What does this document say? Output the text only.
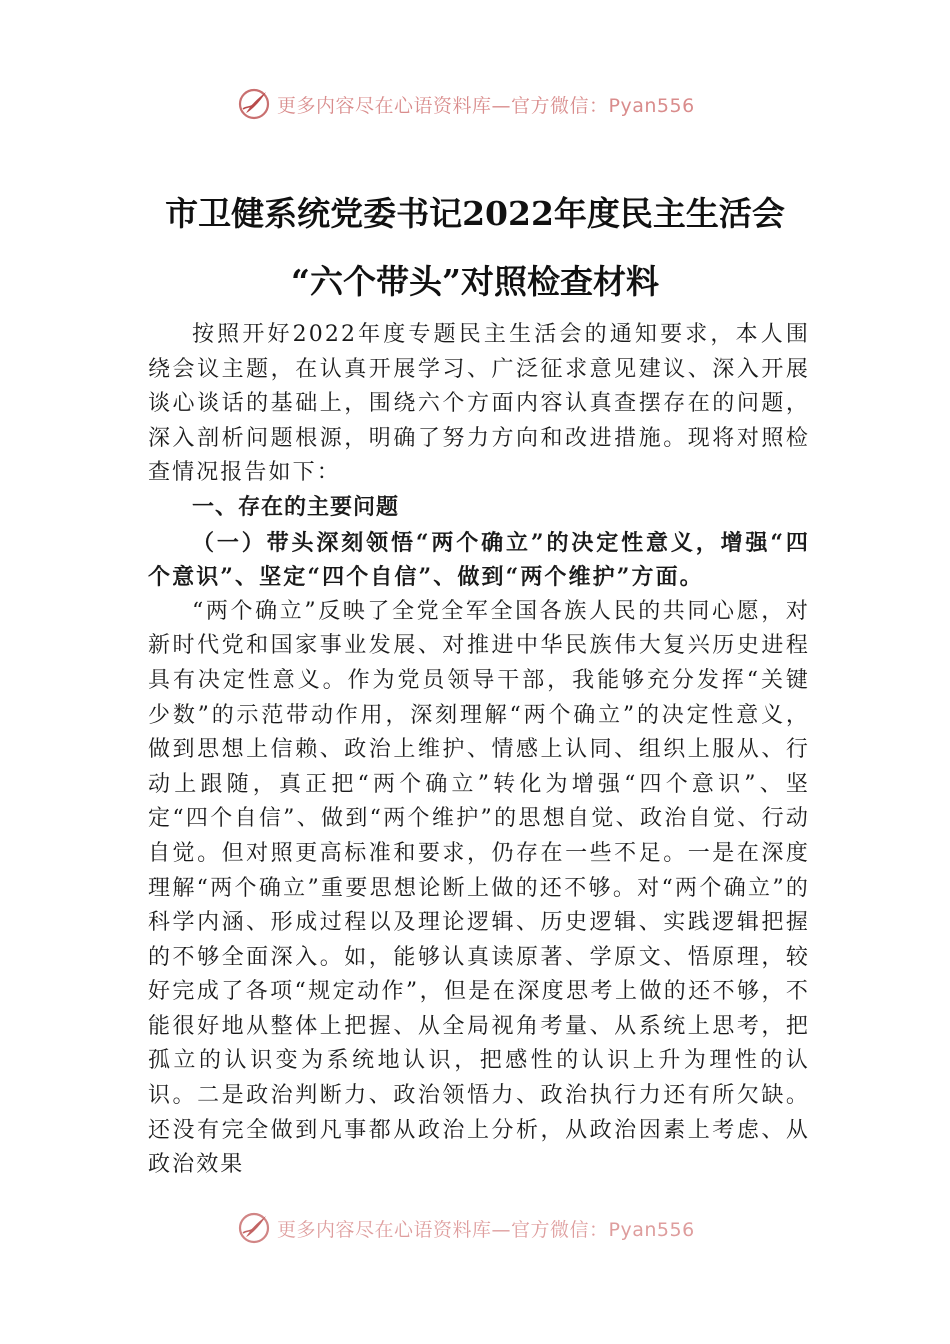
更多内容尽在心语资料库—官方微信：Pyan556
市卫健系统党委书记2022年度民主生活会
“六个带头”对照检查材料

按照开好2022年度专题民主生活会的通知要求，本人围绕会议主题，在认真开展学习、广泛征求意见建议、深入开展谈心谈话的基础上，围绕六个方面内容认真查摆存在的问题，深入剖析问题根源，明确了努力方向和改进措施。现将对照检查情况报告如下：

一、存在的主要问题

（一）带头深刻领悟“两个确立”的决定性意义，增强“四个意识”、坚定“四个自信”、做到“两个维护”方面。

“两个确立”反映了全党全军全国各族人民的共同心愿，对新时代党和国家事业发展、对推进中华民族伟大复兴历史进程具有决定性意义。作为党员领导干部，我能够充分发挥“关键少数”的示范带动作用，深刻理解“两个确立”的决定性意义，做到思想上信赖、政治上维护、情感上认同、组织上服从、行动上跟随，真正把“两个确立”转化为增强“四个意识”、坚定“四个自信”、做到“两个维护”的思想自觉、政治自觉、行动自觉。但对照更高标准和要求，仍存在一些不足。一是在深度理解“两个确立”重要思想论断上做的还不够。对“两个确立”的科学内涵、形成过程以及理论逻辑、历史逻辑、实践逻辑把握的不够全面深入。如，能够认真读原著、学原文、悟原理，较好完成了各项“规定动作”，但是在深度思考上做的还不够，不能很好地从整体上把握、从全局视角考量、从系统上思考，把孤立的认识变为系统地认识，把感性的认识上升为理性的认识。二是政治判断力、政治领悟力、政治执行力还有所欠缺。还没有完全做到凡事都从政治上分析，从政治因素上考虑、从政治效果

更多内容尽在心语资料库—官方微信：Pyan556
